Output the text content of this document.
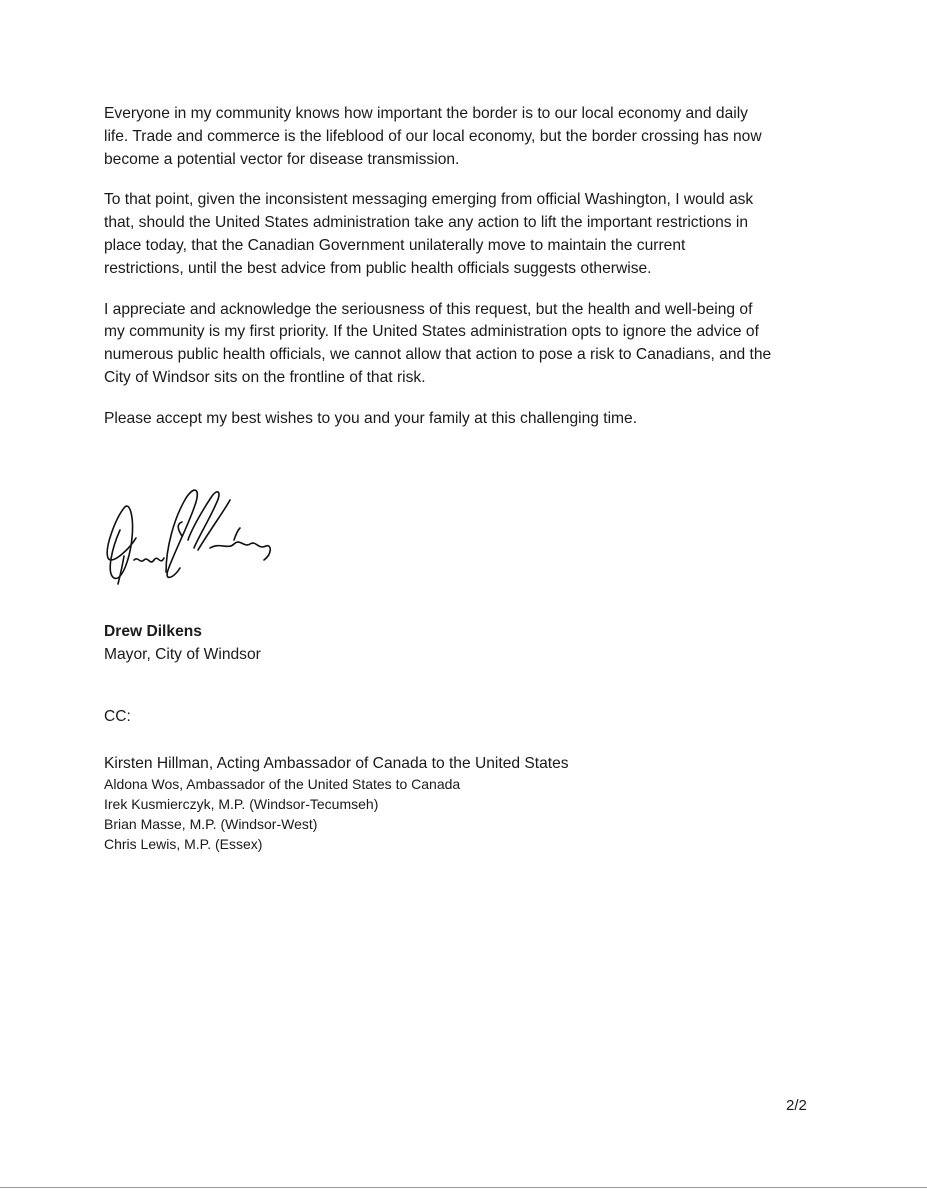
Everyone in my community knows how important the border is to our local economy and daily
life. Trade and commerce is the lifeblood of our local economy, but the border crossing has now
become a potential vector for disease transmission.

To that point, given the inconsistent messaging emerging from official Washington, I would ask
that, should the United States administration take any action to lift the important restrictions in
place today, that the Canadian Government unilaterally move to maintain the current
restrictions, until the best advice from public health officials suggests otherwise.

I appreciate and acknowledge the seriousness of this request, but the health and well-being of
my community is my first priority. If the United States administration opts to ignore the advice of
numerous public health officials, we cannot allow that action to pose a risk to Canadians, and the
City of Windsor sits on the frontline of that risk.

Please accept my best wishes to you and your family at this challenging time.

Drew Dilkens
Mayor, City of Windsor
CC:
Kirsten Hillman, Acting Ambassador of Canada to the United States
Aldona Wos, Ambassador of the United States to Canada
Irek Kusmierczyk, M.P. (Windsor-Tecumseh)
Brian Masse, M.P. (Windsor-West)
Chris Lewis, M.P. (Essex)
2/2
